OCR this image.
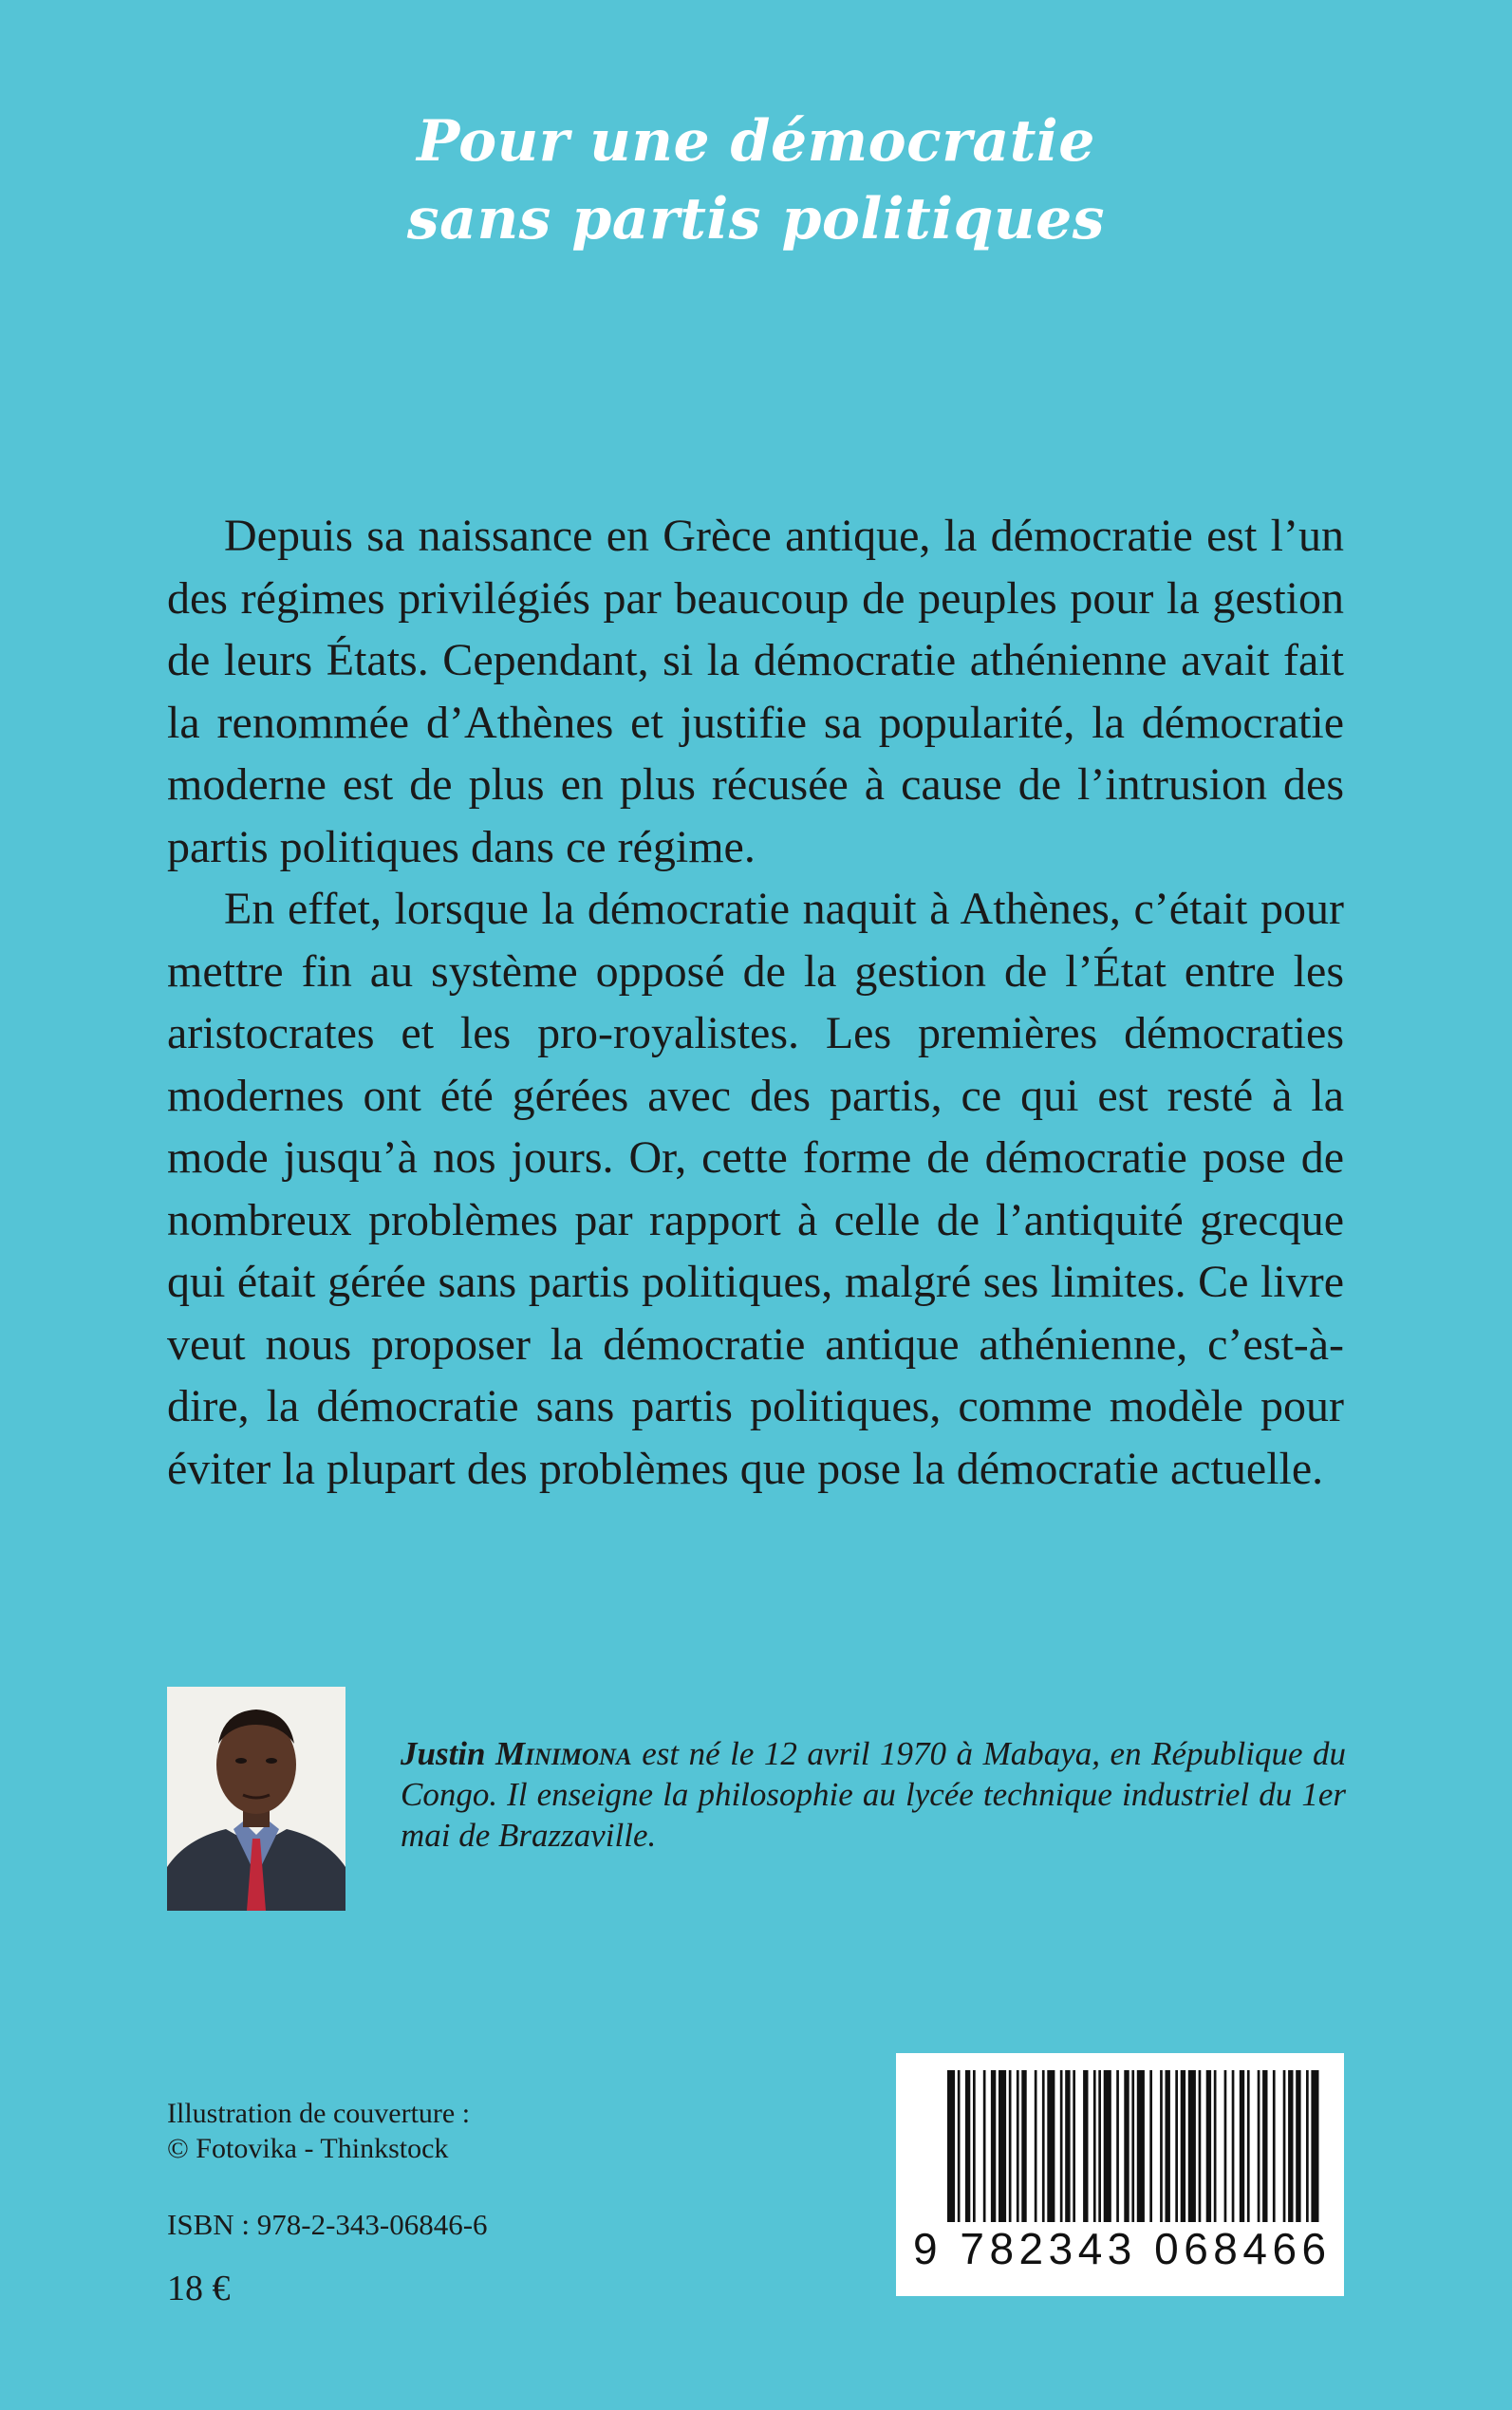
Pour une démocratie
sans partis politiques

Depuis sa naissance en Grèce antique, la démocratie est l’un des régimes privilégiés par beaucoup de peuples pour la gestion de leurs États. Cependant, si la démocratie athénienne avait fait la renommée d’Athènes et justifie sa popularité, la démocratie moderne est de plus en plus récusée à cause de l’intrusion des partis politiques dans ce régime.

En effet, lorsque la démocratie naquit à Athènes, c’était pour mettre fin au système opposé de la gestion de l’État entre les aristocrates et les pro-royalistes. Les premières démocraties modernes ont été gérées avec des partis, ce qui est resté à la mode jusqu’à nos jours. Or, cette forme de démocratie pose de nombreux problèmes par rapport à celle de l’antiquité grecque qui était gérée sans partis politiques, malgré ses limites. Ce livre veut nous proposer la démocratie antique athénienne, c’est-à-dire, la démocratie sans partis politiques, comme modèle pour éviter la plupart des problèmes que pose la démocratie actuelle.

Justin Minimona est né le 12 avril 1970 à Mabaya, en République du Congo. Il enseigne la philosophie au lycée technique industriel du 1er mai de Brazzaville.
Illustration de couverture :
© Fotovika - Thinkstock
ISBN : 978-2-343-06846-6
18 €
9 782343 068466
